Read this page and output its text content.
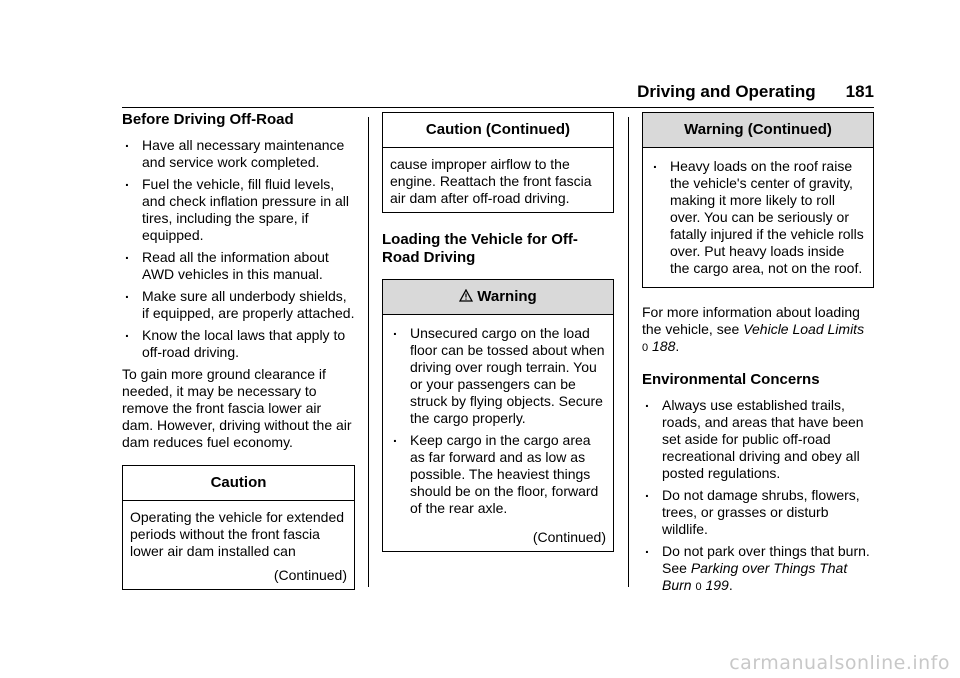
Driving and Operating 181
Before Driving Off-Road
. Have all necessary maintenance and service work completed.
. Fuel the vehicle, fill fluid levels, and check inflation pressure in all tires, including the spare, if equipped.
. Read all the information about AWD vehicles in this manual.
. Make sure all underbody shields, if equipped, are properly attached.
. Know the local laws that apply to off-road driving.

To gain more ground clearance if needed, it may be necessary to remove the front fascia lower air dam. However, driving without the air dam reduces fuel economy.

Caution

Operating the vehicle for extended periods without the front fascia lower air dam installed can

(Continued)
Caution (Continued)

cause improper airflow to the engine. Reattach the front fascia air dam after off-road driving.

Loading the Vehicle for Off-Road Driving
Warning
. Unsecured cargo on the load floor can be tossed about when driving over rough terrain. You or your passengers can be struck by flying objects. Secure the cargo properly.
. Keep cargo in the cargo area as far forward and as low as possible. The heaviest things should be on the floor, forward of the rear axle.
(Continued)
Warning (Continued)
. Heavy loads on the roof raise the vehicle's center of gravity, making it more likely to roll over. You can be seriously or fatally injured if the vehicle rolls over. Put heavy loads inside the cargo area, not on the roof.

For more information about loading the vehicle, see Vehicle Load Limits
0 188.

Environmental Concerns
. Always use established trails, roads, and areas that have been set aside for public off-road recreational driving and obey all posted regulations.
. Do not damage shrubs, flowers, trees, or grasses or disturb wildlife.
. Do not park over things that burn. See Parking over Things That Burn 0 199.
carmanualsonline.info
